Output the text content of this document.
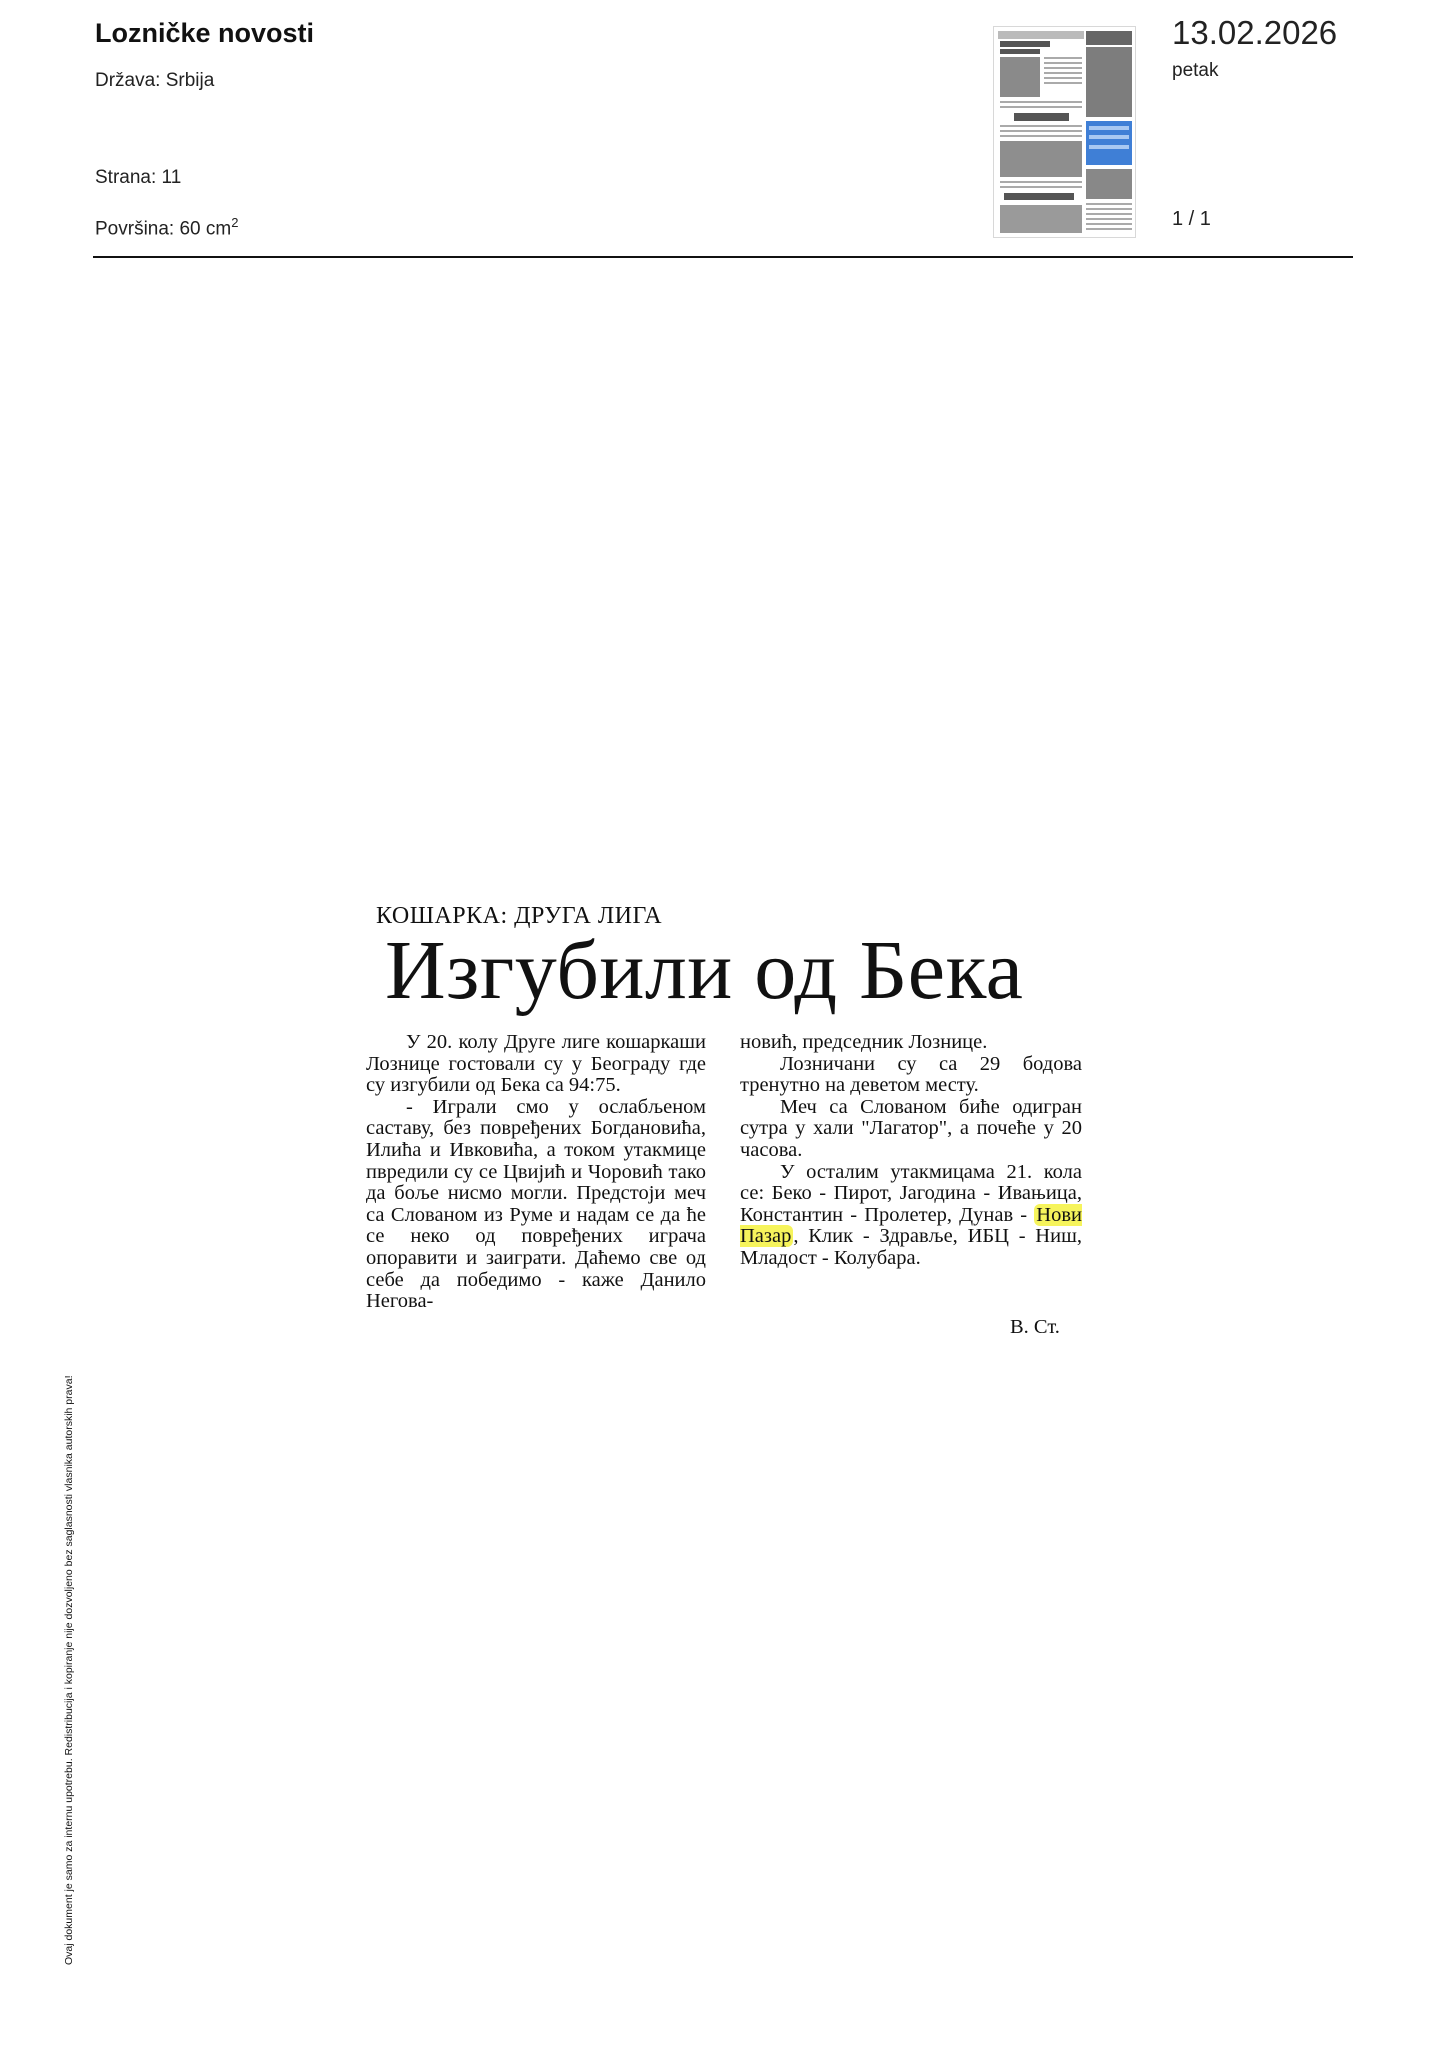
Lozničke novosti
Država: Srbija
Strana: 11
Površina: 60 $cm^2$
13.02.2026
petak
1 / 1
КОШАРКА: ДРУГА ЛИГА
Изгубили од Бека

У 20. колу Друге лиге кошаркаши Лознице гостовали су у Београду где су изгубили од Бека са 94:75.

- Играли смо у ослабљеном саставу, без повређених Богдановића, Илића и Ивковића, а током утакмице пвредили су се Цвијић и Чоровић тако да боље нисмо могли. Предстоји меч са Слованом из Руме и надам се да ће се неко од повређених играча опоравити и заиграти. Даћемо све од себе да победимо - каже Данило Негова-

новић, председник Лознице.

Лозничани су са 29 бодова тренутно на деветом месту.

Меч са Слованом биће одигран сутра у хали "Лагатор", а почеће у 20 часова.

У осталим утакмицама 21. кола се: Беко - Пирот, Јагодина - Ивањица, Константин - Пролетер, Дунав - Нови Пазар, Клик - Здравље, ИБЦ - Ниш, Младост - Колубара.

В. Ст.
Ovaj dokument je samo za internu upotrebu. Redistribucija i kopiranje nije dozvoljeno bez saglasnosti vlasnika autorskih prava!
